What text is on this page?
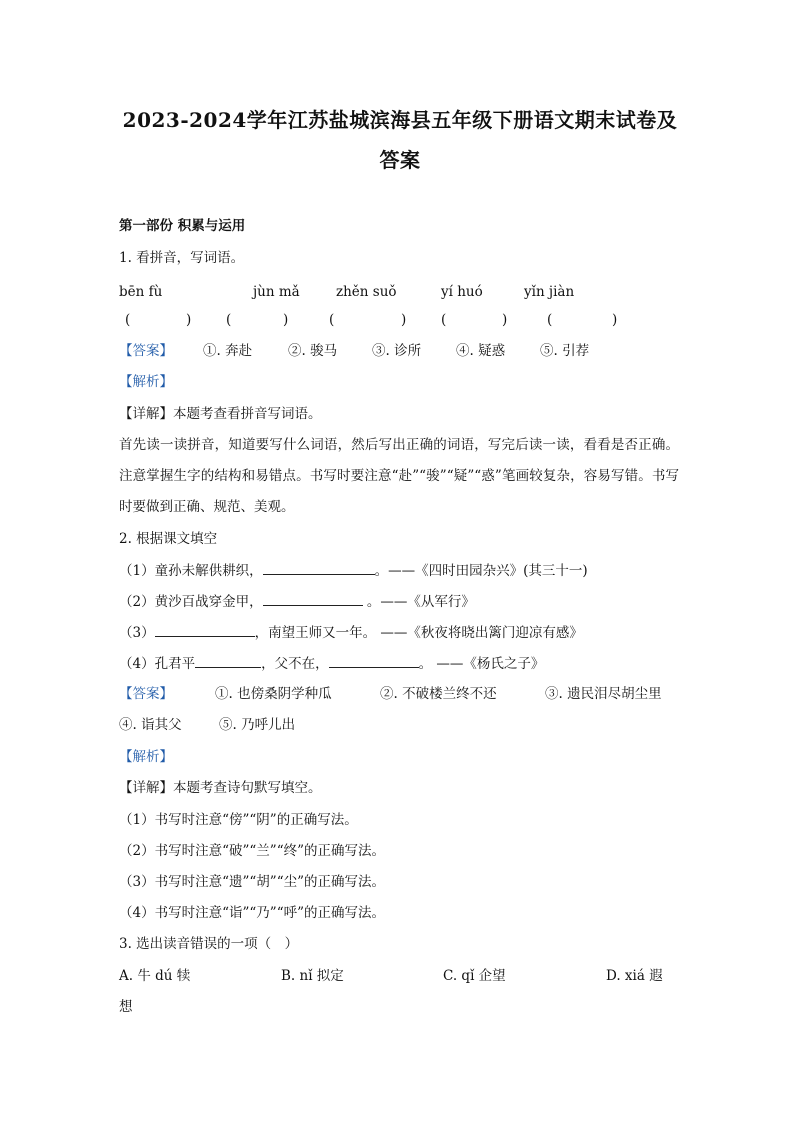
2023-2024学年江苏盐城滨海县五年级下册语文期末试卷及
答案
第一部份 积累与运用
1. 看拼音，写词语。
bēn fù	jùn mǎ	zhěn suǒ	yí huó	yǐn jiàn
(	)	(	)	(	)	(	)	(	)
【答案】 ①. 奔赴	②. 骏马	③. 诊所	④. 疑惑	⑤. 引荐
【解析】
【详解】本题考查看拼音写词语。
首先读一读拼音，知道要写什么词语，然后写出正确的词语，写完后读一读，看看是否正确。注意掌握生字的结构和易错点。书写时要注意“赴”“骏”“疑”“惑”笔画较复杂，容易写错。书写时要做到正确、规范、美观。
2. 根据课文填空
（1）童孙未解供耕织，	。——《四时田园杂兴》(其三十一)
（2）黄沙百战穿金甲，	。——《从军行》
（3）	，南望王师又一年。 ——《秋夜将晓出篱门迎凉有感》
（4）孔君平	，父不在，	。 ——《杨氏之子》
【答案】	①. 也傍桑阴学种瓜	②. 不破楼兰终不还	③. 遗民泪尽胡尘里
④. 诣其父	⑤. 乃呼儿出
【解析】
【详解】本题考查诗句默写填空。
（1）书写时注意“傍”“阴”的正确写法。
（2）书写时注意“破”“兰”“终”的正确写法。
（3）书写时注意“遗”“胡”“尘”的正确写法。
（4）书写时注意“诣”“乃”“呼”的正确写法。
3. 选出读音错误的一项（　）
A. 牛 dú 犊	B. nǐ 拟定	C. qǐ 企望	D. xiá 遐
想
